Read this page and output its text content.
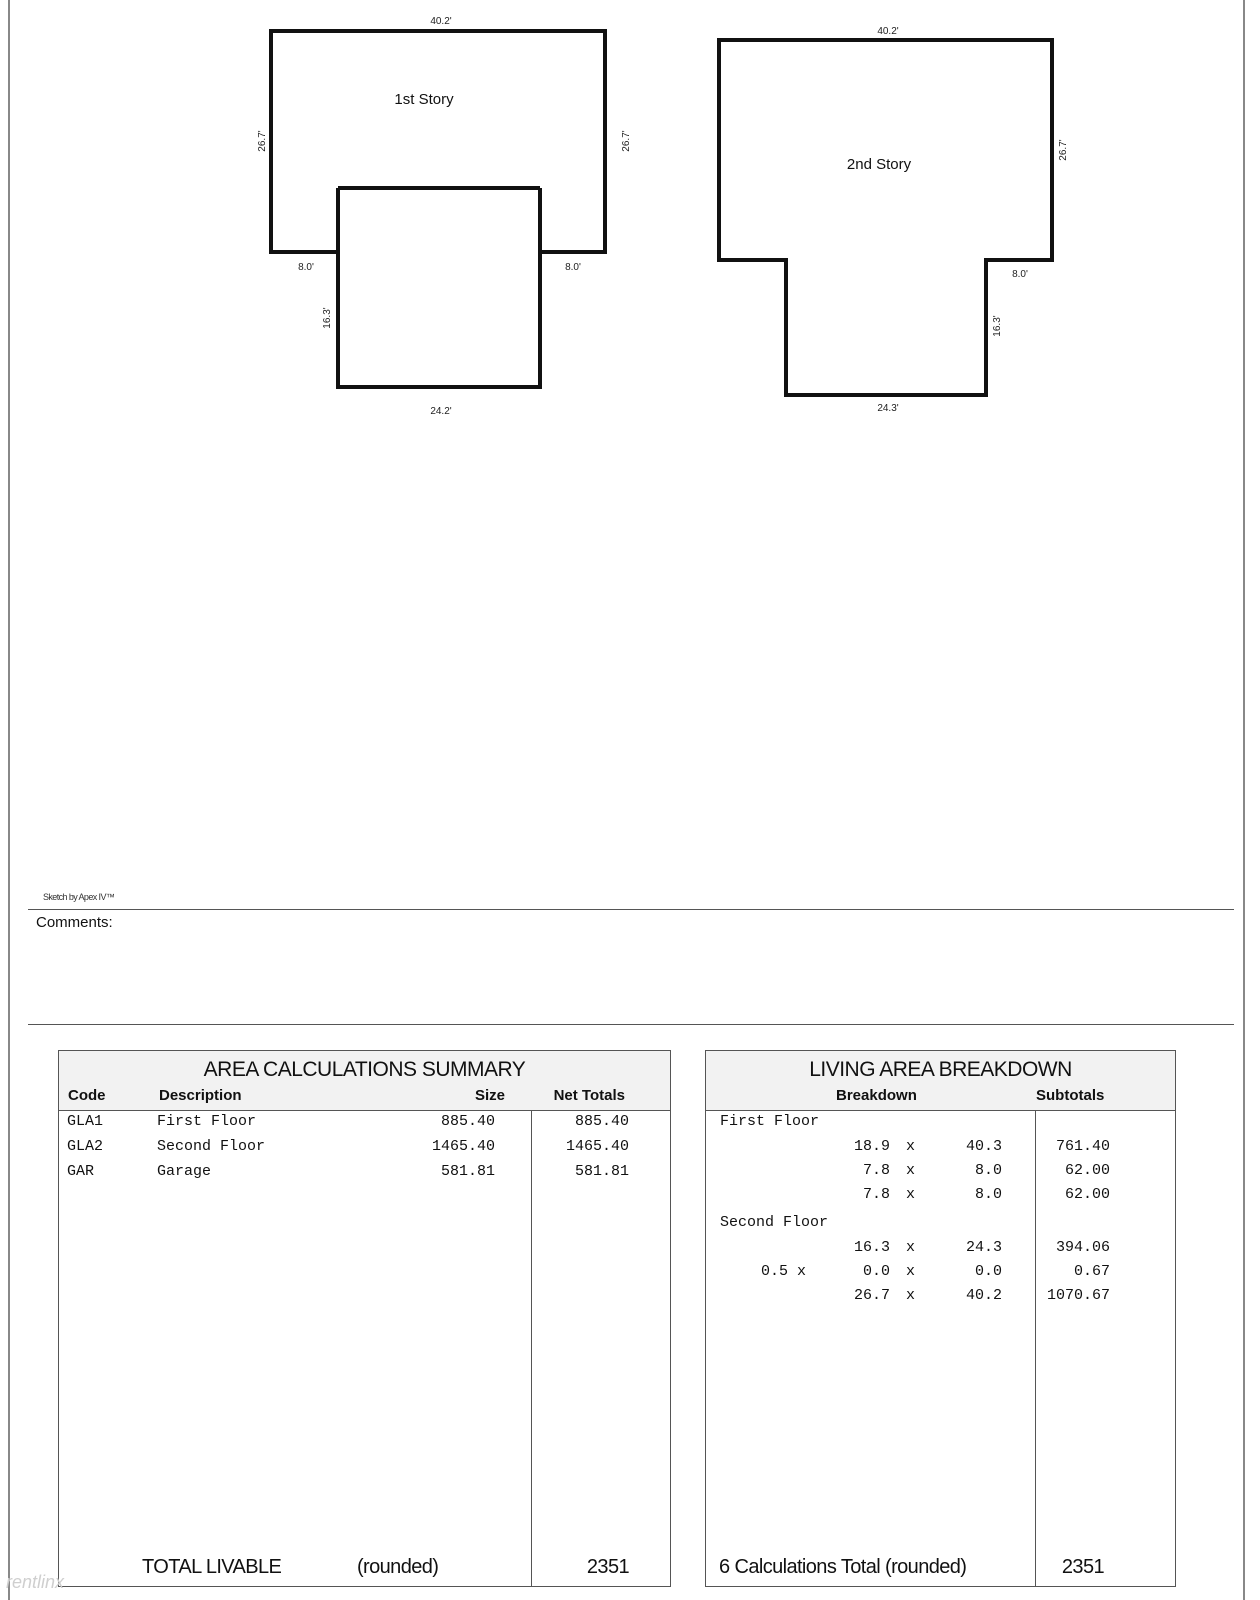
1st Story
40.2'
26.7'	26.7'
8.0'	8.0'
16.3'
24.2'
2nd Story
40.2'
26.7'
8.0'
16.3'
24.3'
Sketch by Apex IV™
Comments:
AREA CALCULATIONS SUMMARY
Code	Description	Size	Net Totals
GLA1	First Floor	885.40	885.40
GLA2	Second Floor	1465.40	1465.40
GAR	Garage	581.81	581.81
TOTAL LIVABLE	(rounded)	2351
LIVING AREA BREAKDOWN
Breakdown	Subtotals
First Floor
18.9 x	40.3	761.40
7.8 x	8.0	62.00
7.8 x	8.0	62.00
Second Floor
16.3 x	24.3	394.06
0.5 x	0.0 x	0.0	0.67
26.7 x	40.2	1070.67
6 Calculations Total (rounded)	2351
rentlinx
